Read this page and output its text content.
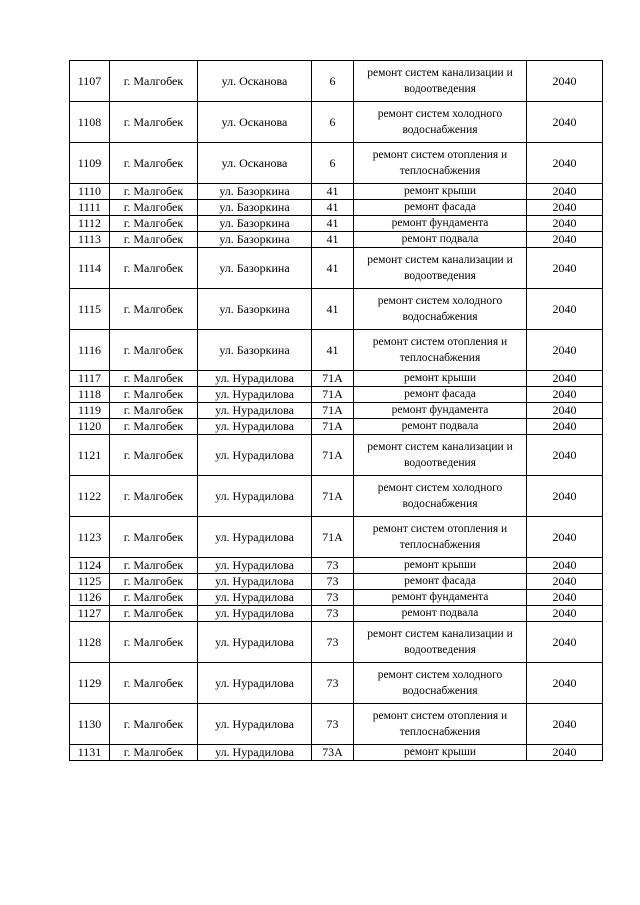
1107	г. Малгобек	ул. Осканова	6	ремонт систем канализации и водоотведения	2040
1108	г. Малгобек	ул. Осканова	6	ремонт систем холодного водоснабжения	2040
1109	г. Малгобек	ул. Осканова	6	ремонт систем отопления и теплоснабжения	2040
1110	г. Малгобек	ул. Базоркина	41	ремонт крыши	2040
1111	г. Малгобек	ул. Базоркина	41	ремонт фасада	2040
1112	г. Малгобек	ул. Базоркина	41	ремонт фундамента	2040
1113	г. Малгобек	ул. Базоркина	41	ремонт подвала	2040
1114	г. Малгобек	ул. Базоркина	41	ремонт систем канализации и водоотведения	2040
1115	г. Малгобек	ул. Базоркина	41	ремонт систем холодного водоснабжения	2040
1116	г. Малгобек	ул. Базоркина	41	ремонт систем отопления и теплоснабжения	2040
1117	г. Малгобек	ул. Нурадилова	71А	ремонт крыши	2040
1118	г. Малгобек	ул. Нурадилова	71А	ремонт фасада	2040
1119	г. Малгобек	ул. Нурадилова	71А	ремонт фундамента	2040
1120	г. Малгобек	ул. Нурадилова	71А	ремонт подвала	2040
1121	г. Малгобек	ул. Нурадилова	71А	ремонт систем канализации и водоотведения	2040
1122	г. Малгобек	ул. Нурадилова	71А	ремонт систем холодного водоснабжения	2040
1123	г. Малгобек	ул. Нурадилова	71А	ремонт систем отопления и теплоснабжения	2040
1124	г. Малгобек	ул. Нурадилова	73	ремонт крыши	2040
1125	г. Малгобек	ул. Нурадилова	73	ремонт фасада	2040
1126	г. Малгобек	ул. Нурадилова	73	ремонт фундамента	2040
1127	г. Малгобек	ул. Нурадилова	73	ремонт подвала	2040
1128	г. Малгобек	ул. Нурадилова	73	ремонт систем канализации и водоотведения	2040
1129	г. Малгобек	ул. Нурадилова	73	ремонт систем холодного водоснабжения	2040
1130	г. Малгобек	ул. Нурадилова	73	ремонт систем отопления и теплоснабжения	2040
1131	г. Малгобек	ул. Нурадилова	73А	ремонт крыши	2040
